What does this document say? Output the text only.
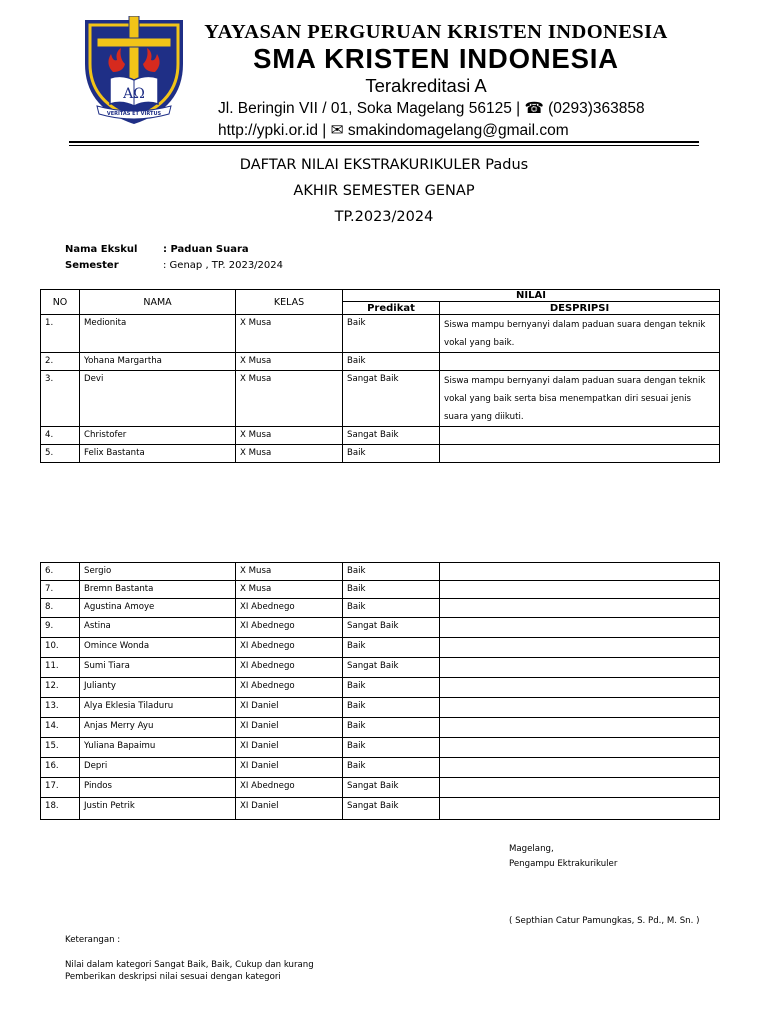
AΩ
VERITAS ET VIRTUS

YAYASAN PERGURUAN KRISTEN INDONESIA

SMA KRISTEN INDONESIA

Terakreditasi A

Jl. Beringin VII / 01, Soka Magelang 56125 | ☎ (0293)363858

http://ypki.or.id | ✉ smakindomagelang@gmail.com

DAFTAR NILAI EKSTRAKURIKULER Padus
AKHIR SEMESTER GENAP
TP.2023/2024
Nama Ekskul	: Paduan Suara
Semester	: Genap , TP. 2023/2024
NO	NAMA	KELAS	NILAI	
			Predikat	DESPRIPSI
1.	Medionita	X Musa	Baik	Siswa mampu bernyanyi dalam paduan suara dengan teknik vokal yang baik.
2.	Yohana Margartha	X Musa	Baik	
3.	Devi	X Musa	Sangat Baik	Siswa mampu bernyanyi dalam paduan suara dengan teknik vokal yang baik serta bisa menempatkan diri sesuai jenis suara yang diikuti.
4.	Christofer	X Musa	Sangat Baik	
5.	Felix Bastanta	X Musa	Baik	
6.	Sergio	X Musa	Baik	
7.	Bremn Bastanta	X Musa	Baik	
8.	Agustina Amoye	XI Abednego	Baik	
9.	Astina	XI Abednego	Sangat Baik	
10.	Omince Wonda	XI Abednego	Baik	
11.	Sumi Tiara	XI Abednego	Sangat Baik	
12.	Julianty	XI Abednego	Baik	
13.	Alya Eklesia Tiladuru	XI Daniel	Baik	
14.	Anjas Merry Ayu	XI Daniel	Baik	
15.	Yuliana Bapaimu	XI Daniel	Baik	
16.	Depri	XI Daniel	Baik	
17.	Pindos	XI Abednego	Sangat Baik	
18.	Justin Petrik	XI Daniel	Sangat Baik	
Magelang,
Pengampu Ektrakurikuler
( Septhian Catur Pamungkas, S. Pd., M. Sn. )
Keterangan :
Nilai dalam kategori Sangat Baik, Baik, Cukup dan kurang
Pemberikan deskripsi nilai sesuai dengan kategori
